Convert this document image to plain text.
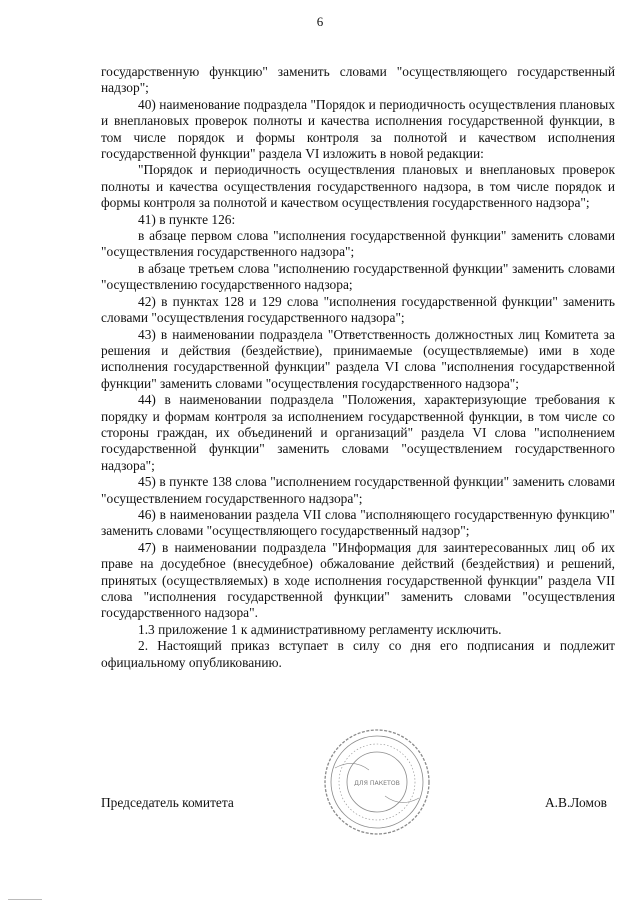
6

государственную функцию" заменить словами "осуществляющего государственный надзор";

40) наименование подраздела "Порядок и периодичность осуществления плановых и внеплановых проверок полноты и качества исполнения государственной функции, в том числе порядок и формы контроля за полнотой и качеством исполнения государственной функции" раздела VI изложить в новой редакции:

"Порядок и периодичность осуществления плановых и внеплановых проверок полноты и качества осуществления государственного надзора, в том числе порядок и формы контроля за полнотой и качеством осуществления государственного надзора";

41) в пункте 126:

в абзаце первом слова "исполнения государственной функции" заменить словами "осуществления государственного надзора";

в абзаце третьем слова "исполнению государственной функции" заменить словами "осуществлению государственного надзора;

42) в пунктах 128 и 129 слова "исполнения государственной функции" заменить словами "осуществления государственного надзора";

43) в наименовании подраздела "Ответственность должностных лиц Комитета за решения и действия (бездействие), принимаемые (осуществляемые) ими в ходе исполнения государственной функции" раздела VI слова "исполнения государственной функции" заменить словами "осуществления государственного надзора";

44) в наименовании подраздела "Положения, характеризующие требования к порядку и формам контроля за исполнением государственной функции, в том числе со стороны граждан, их объединений и организаций" раздела VI слова "исполнением государственной функции" заменить словами "осуществлением государственного надзора";

45) в пункте 138 слова "исполнением государственной функции" заменить словами "осуществлением государственного надзора";

46) в наименовании раздела VII слова "исполняющего государственную функцию" заменить словами "осуществляющего государственный надзор";

47) в наименовании подраздела "Информация для заинтересованных лиц об их праве на досудебное (внесудебное) обжалование действий (бездействия) и решений, принятых (осуществляемых) в ходе исполнения государственной функции" раздела VII слова "исполнения государственной функции" заменить словами "осуществления государственного надзора".

1.3 приложение 1 к административному регламенту исключить.

2. Настоящий приказ вступает в силу со дня его подписания и подлежит официальному опубликованию.

Председатель комитета	А.В.Ломов
ДЛЯ ПАКЕТОВ
